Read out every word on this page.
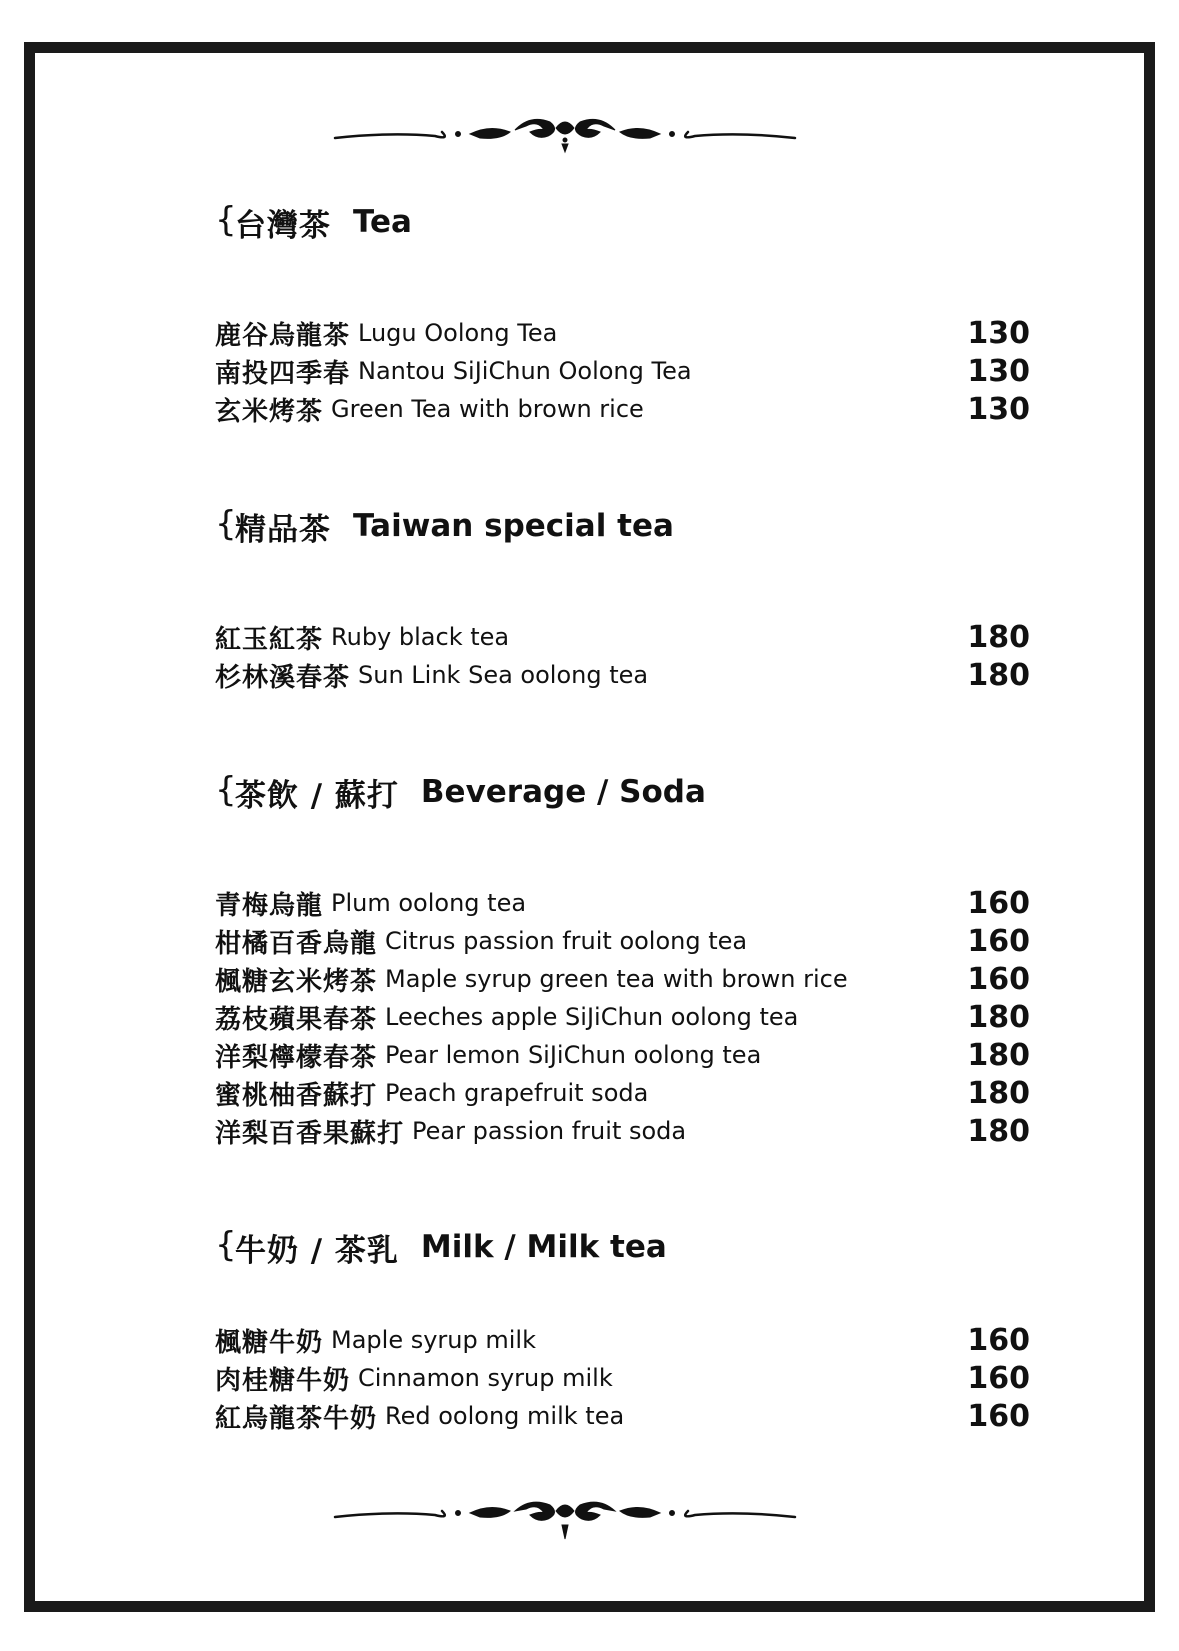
{
台灣茶 Tea
鹿谷烏龍茶 Lugu Oolong Tea	130
南投四季春 Nantou SiJiChun Oolong Tea	130
玄米烤茶 Green Tea with brown rice	130
{
精品茶 Taiwan special tea
紅玉紅茶 Ruby black tea	180
杉林溪春茶 Sun Link Sea oolong tea	180
{
茶飲 / 蘇打 Beverage / Soda
青梅烏龍 Plum oolong tea	160
柑橘百香烏龍 Citrus passion fruit oolong tea	160
楓糖玄米烤茶 Maple syrup green tea with brown rice	160
荔枝蘋果春茶 Leeches apple SiJiChun oolong tea	180
洋梨檸檬春茶 Pear lemon SiJiChun oolong tea	180
蜜桃柚香蘇打 Peach grapefruit soda	180
洋梨百香果蘇打 Pear passion fruit soda	180
{
牛奶 / 茶乳 Milk / Milk tea
楓糖牛奶 Maple syrup milk	160
肉桂糖牛奶 Cinnamon syrup milk	160
紅烏龍茶牛奶 Red oolong milk tea	160
